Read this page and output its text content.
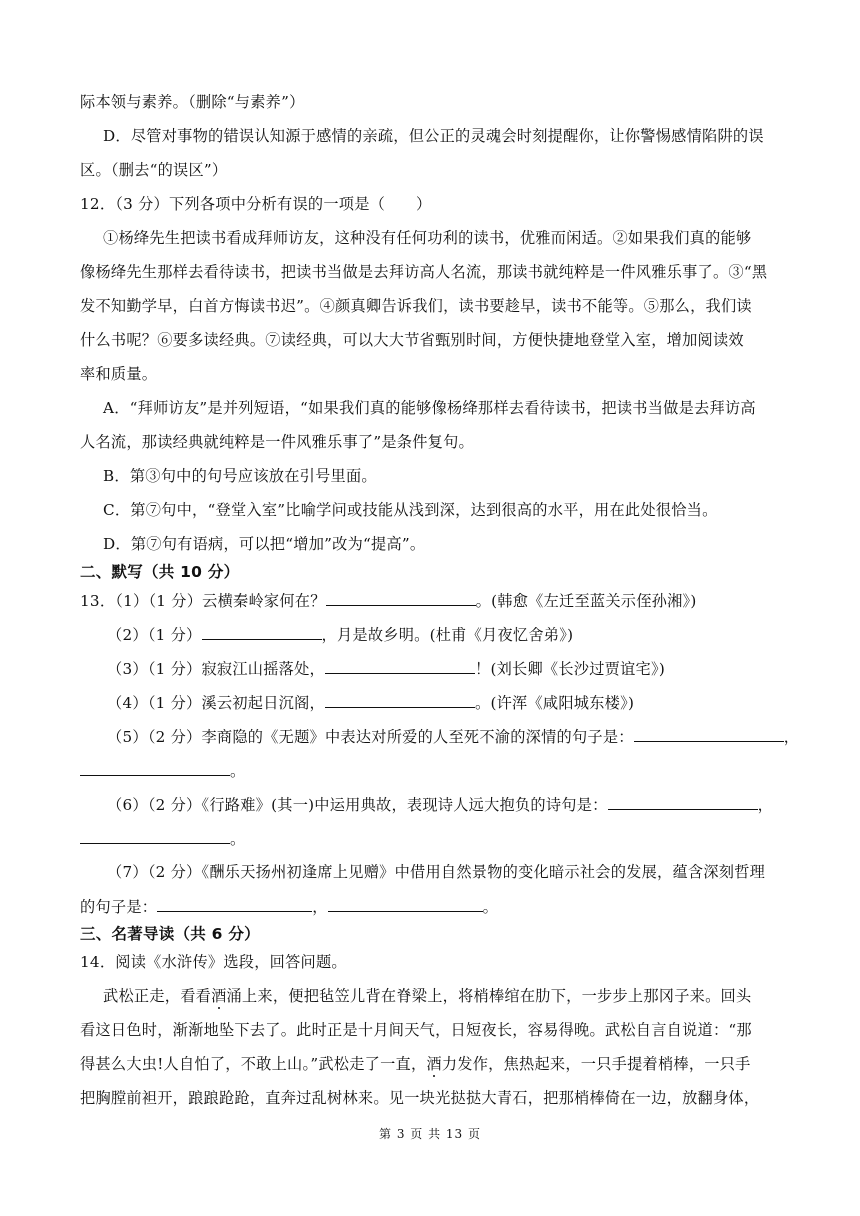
际本领与素养。（删除“与素养”）
D．尽管对事物的错误认知源于感情的亲疏，但公正的灵魂会时刻提醒你，让你警惕感情陷阱的误
区。（删去“的误区”）
12．（3 分）下列各项中分析有误的一项是（　　）
①杨绛先生把读书看成拜师访友，这种没有任何功利的读书，优雅而闲适。②如果我们真的能够
像杨绛先生那样去看待读书，把读书当做是去拜访高人名流，那读书就纯粹是一件风雅乐事了。③“黑
发不知勤学早，白首方悔读书迟”。④颜真卿告诉我们，读书要趁早，读书不能等。⑤那么，我们读
什么书呢？⑥要多读经典。⑦读经典，可以大大节省甄别时间，方便快捷地登堂入室，增加阅读效
率和质量。
A．“拜师访友”是并列短语，“如果我们真的能够像杨绛那样去看待读书，把读书当做是去拜访高
人名流，那读经典就纯粹是一件风雅乐事了”是条件复句。
B．第③句中的句号应该放在引号里面。
C．第⑦句中，“登堂入室”比喻学问或技能从浅到深，达到很高的水平，用在此处很恰当。
D．第⑦句有语病，可以把“增加”改为“提高”。
二、默写（共 10 分）
13．（1）（1 分）云横秦岭家何在？	。(韩愈《左迁至蓝关示侄孙湘》)
（2）（1 分）	，月是故乡明。(杜甫《月夜忆舍弟》)
（3）（1 分）寂寂江山摇落处，	！(刘长卿《长沙过贾谊宅》)
（4）（1 分）溪云初起日沉阁，	。(许浑《咸阳城东楼》)
（5）（2 分）李商隐的《无题》中表达对所爱的人至死不渝的深情的句子是：	，
。
（6）（2 分）《行路难》(其一)中运用典故，表现诗人远大抱负的诗句是：	，
。
（7）（2 分）《酬乐天扬州初逢席上见赠》中借用自然景物的变化暗示社会的发展，蕴含深刻哲理
的句子是：	，	。
三、名著导读（共 6 分）
14．阅读《水浒传》选段，回答问题。
武松正走，看看酒涌上来，便把毡笠儿背在脊梁上，将梢棒绾在肋下，一步步上那冈子来。回头
看这日色时，渐渐地坠下去了。此时正是十月间天气，日短夜长，容易得晚。武松自言自说道：“那
得甚么大虫!人自怕了，不敢上山。”武松走了一直，酒力发作，焦热起来，一只手提着梢棒，一只手
把胸膛前袒开，踉踉跄跄，直奔过乱树林来。见一块光挞挞大青石，把那梢棒倚在一边，放翻身体，
第 3 页 共 13 页
